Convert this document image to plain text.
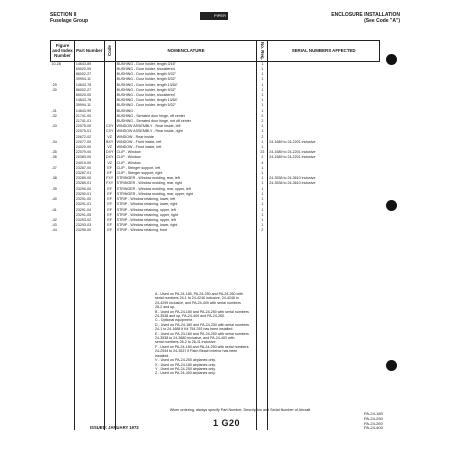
SECTION II
Fuselage Group
PIPER	ENCLOSURE INSTALLATION
(See Code "A")
Figure and Index Number	Part Number	Code	NOMENCLATURE	No. Req.	SERIAL NUMBERS AFFECTED
10-28	14643-89		BUSHING - Door holder, length 3/16"	1	
	65020-00		BUSHING - Door holder, shouldered	1	
	86002-27		BUSHING - Door holder, length 9/32"	1	
	39994-11		BUSHING - Door holder, length 5/32"	1	
-29	14643-78		BUSHING - Door holder, length 13/64"	1	
-30	86002-27		BUSHING - Door holder, length 9/32"	1	
	65020-00		BUSHING - Door holder, shouldered	1	
	14643-78		BUSHING - Door holder, length 13/64"	1	
	39994-11		BUSHING - Door holder, length 5/32"	1	
-31	14643-99		BUSHING	1	
-32	21741-00		BUSHING - Serrated door hinge, off center	2	
	21741-01		BUSHING - Serrated door hinge, not off center	2	
-33	22075-00	CXY	WINDOW ASSEMBLY - Rear inside, left	1	
	22075-01	CXY	WINDOW ASSEMBLY - Rear inside, right	1	
	20672-02	VZ	WINDOW - Rear inside	2	
-34	22077-00	BXY	WINDOW - Front inside, left	1	24-1689 to 24-2201 inclusive
	24020-00	VZ	WINDOW - Front inside, left	1	
-35	22079-00	DXY	CLIP - Window	23	24-1689 to 24-2201 inclusive
-36	20383-00	DXY	CLIP - Window	2	24-1689 to 24-2201 inclusive
	24019-00	VZ	CLIP - Window	4	
-37	23287-00	EF	CLIP - Stringer support, left	1	
	23287-01	EF	CLIP - Stringer support, right	1	
-38	23289-00	FXY	STRINGER - Window molding, rear, left	1	24-3538 to 24-3610 inclusive
	23289-01	FXY	STRINGER - Window molding, rear, right	1	24-3538 to 24-3610 inclusive
-39	23290-00	EF	STRINGER - Window molding, rear, upper, left	1	
	23290-01	EF	STRINGER - Window molding, rear, upper, right	1	
-40	23291-00	EF	STRIP - Window retaining, lower, left	1	
	23291-01	EF	STRIP - Window retaining, lower, right	1	
-41	23291-04	EF	STRIP - Window retaining, upper, left	1	
	23291-05	EF	STRIP - Window retaining, upper, right	1	
-42	23293-02	EF	STRIP - Window retaining, upper, left	1	
-43	23293-03	EF	STRIP - Window retaining, lower, right	1	
-44	23295-00	EF	STRIP - Window retaining, front	2	

A - Used on PA-24-180, PA-24-250 and PA-24-260 with
serial numbers 24-1 to 24-4246 inclusive, 24-4248 to
24-4299 inclusive, and PA-24-400 with serial numbers
26-2 and up.
B - Used on PA-24-180 and PA-24-250 with serial numbers
24-3538 and up, PA-24-400 and PA-24-260.
C - Optional equipment.
D - Used on PA-24-180 and PA-24-250 with serial numbers
24-1 to 24-1688 if Kit 754 293 has been installed.
E - Used on PA-24-180 and PA-24-250 with serial numbers
24-3538 to 24-3680 inclusive, and PA-24-400 with
serial numbers 26-2 to 26-11 inclusive.
F - Used on PA-24-180 and PA-24-250 with serial numbers
24-2944 to 24-3537 if Palm Beach interior has been
installed.
V - Used on PA-24-250 airplanes only.
X - Used on PA-24-180 airplanes only.
Y - Used on PA-24-250 airplanes only.
Z - Used on PA-24-400 airplanes only.
When ordering, always specify Part Number, Description and Serial Number of Aircraft
ISSUED: JANUARY 1973	1 G20
PA-24-180
PA-24-250
PA-24-260
PA-24-400
